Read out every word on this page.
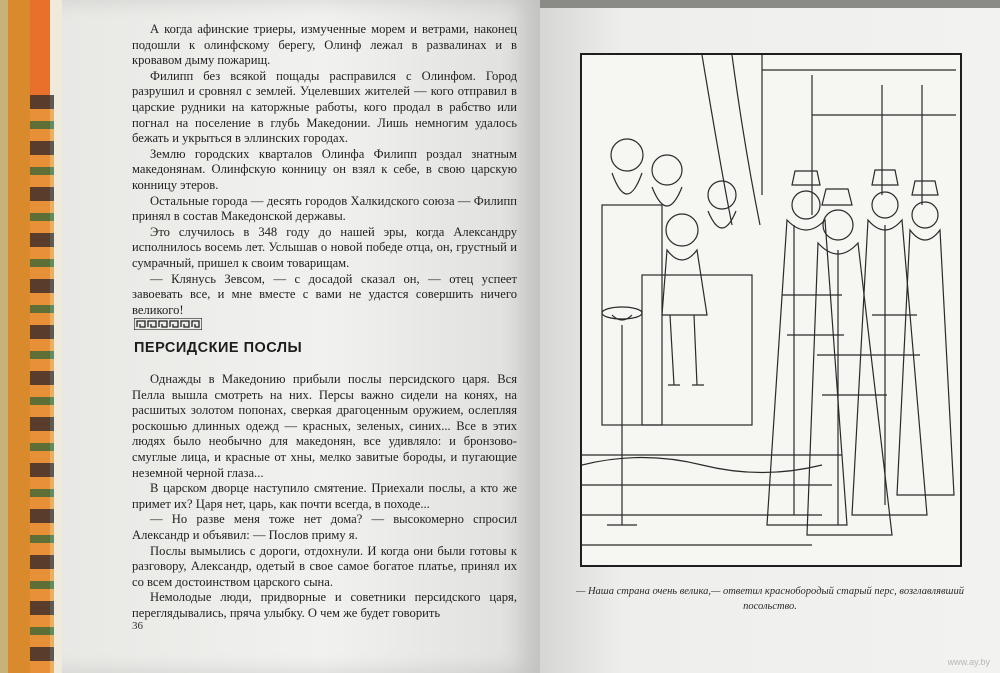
А когда афинские триеры, измученные морем и ветрами, наконец подошли к олинфскому берегу, Олинф лежал в развалинах и в кровавом дыму пожарищ.

Филипп без всякой пощады расправился с Олинфом. Город разрушил и сровнял с землей. Уцелевших жителей — кого отправил в царские рудники на каторжные работы, кого продал в рабство или погнал на поселение в глубь Македонии. Лишь немногим удалось бежать и укрыться в эллинских городах.

Землю городских кварталов Олинфа Филипп роздал знатным македонянам. Олинфскую конницу он взял к себе, в свою царскую конницу этеров.

Остальные города — десять городов Халкидского союза — Филипп принял в состав Македонской державы.

Это случилось в 348 году до нашей эры, когда Александру исполнилось восемь лет. Услышав о новой победе отца, он, грустный и сумрачный, пришел к своим товарищам.

— Клянусь Зевсом, — с досадой сказал он, — отец успеет завоевать все, и мне вместе с вами не удастся совершить ничего великого!

ПЕРСИДСКИЕ ПОСЛЫ

Однажды в Македонию прибыли послы персидского царя. Вся Пелла вышла смотреть на них. Персы важно сидели на конях, на расшитых золотом попонах, сверкая драгоценным оружием, ослепляя роскошью длинных одежд — красных, зеленых, синих... Все в этих людях было необычно для македонян, все удивляло: и бронзово-смуглые лица, и красные от хны, мелко завитые бороды, и пугающие неземной черной глаза...

В царском дворце наступило смятение. Приехали послы, а кто же примет их? Царя нет, царь, как почти всегда, в походе...

— Но разве меня тоже нет дома? — высокомерно спросил Александр и объявил: — Послов приму я.

Послы вымылись с дороги, отдохнули. И когда они были готовы к разговору, Александр, одетый в свое самое богатое платье, принял их со всем достоинством царского сына.

Немолодые люди, придворные и советники персидского царя, переглядывались, пряча улыбку. О чем же будет говорить

36
— Наша страна очень велика,— ответил красноборoдый старый перс, возглавлявший посольство.
www.ay.by
